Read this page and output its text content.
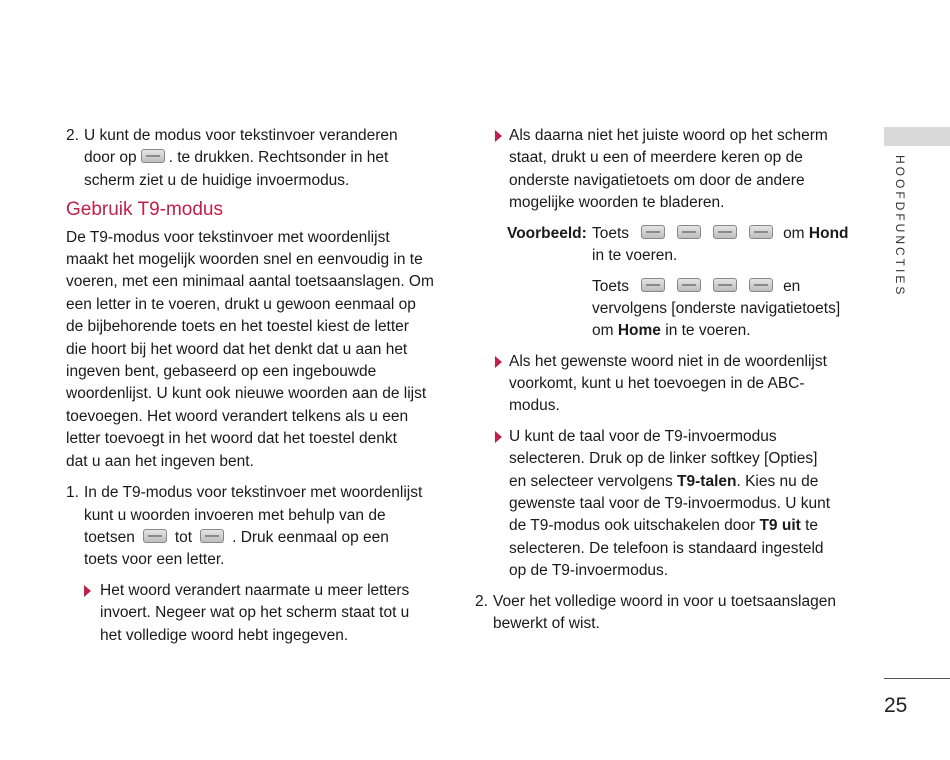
2. U kunt de modus voor tekstinvoer veranderen
door op . te drukken. Rechtsonder in het
scherm ziet u de huidige invoermodus.
Gebruik T9-modus
De T9-modus voor tekstinvoer met woordenlijst
maakt het mogelijk woorden snel en eenvoudig in te
voeren, met een minimaal aantal toetsaanslagen. Om
een letter in te voeren, drukt u gewoon eenmaal op
de bijbehorende toets en het toestel kiest de letter
die hoort bij het woord dat het denkt dat u aan het
ingeven bent, gebaseerd op een ingebouwde
woordenlijst. U kunt ook nieuwe woorden aan de lijst
toevoegen. Het woord verandert telkens als u een
letter toevoegt in het woord dat het toestel denkt
dat u aan het ingeven bent.
1. In de T9-modus voor tekstinvoer met woordenlijst
kunt u woorden invoeren met behulp van de
toetsen	tot	. Druk eenmaal op een
toets voor een letter.
Het woord verandert naarmate u meer letters
invoert. Negeer wat op het scherm staat tot u
het volledige woord hebt ingegeven.
Als daarna niet het juiste woord op het scherm
staat, drukt u een of meerdere keren op de
onderste navigatietoets om door de andere
mogelijke woorden te bladeren.
Voorbeeld: Toets	om Hond
in te voeren.
Toets	en
vervolgens [onderste navigatietoets]
om Home in te voeren.
Als het gewenste woord niet in de woordenlijst
voorkomt, kunt u het toevoegen in de ABC-
modus.
U kunt de taal voor de T9-invoermodus
selecteren. Druk op de linker softkey [Opties]
en selecteer vervolgens T9-talen. Kies nu de
gewenste taal voor de T9-invoermodus. U kunt
de T9-modus ook uitschakelen door T9 uit te
selecteren. De telefoon is standaard ingesteld
op de T9-invoermodus.
2. Voer het volledige woord in voor u toetsaanslagen
bewerkt of wist.
HOOFDFUNCTIES
25
